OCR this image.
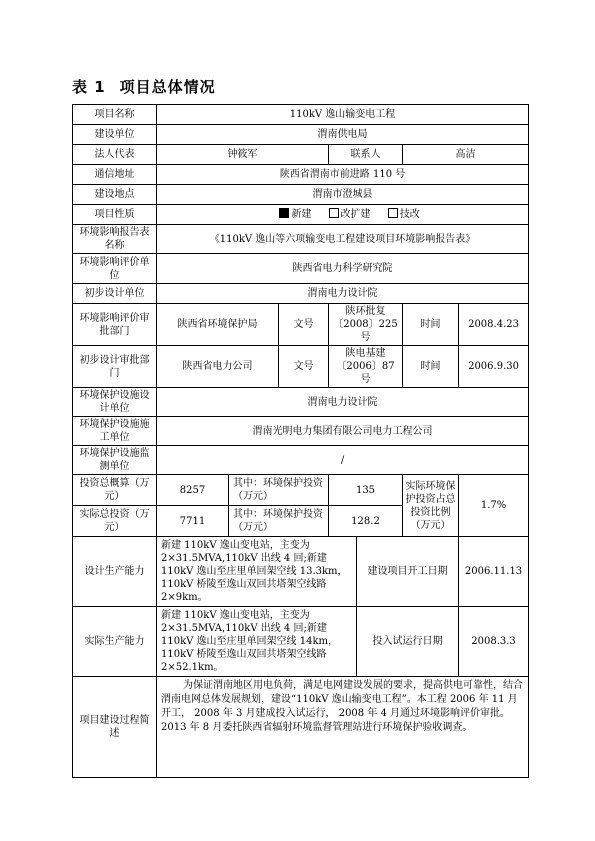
表 1 项目总体情况
项目名称	110kV 逸山输变电工程						
建设单位	渭南供电局						
法人代表	钟筱军			联系人		高洁	
通信地址	陕西省渭南市前进路 110 号						
建设地点	渭南市澄城县						
项目性质	新建 改扩建 技改						
环境影响报告表名称	《110kV 逸山等六项输变电工程建设项目环境影响报告表》						
环境影响评价单位	陕西省电力科学研究院						
初步设计单位	渭南电力设计院						
环境影响评价审批部门	陕西省环境保护局		文号	陕环批复〔2008〕225 号		时间	2008.4.23
初步设计审批部门	陕西省电力公司		文号	陕电基建〔2006〕87 号		时间	2006.9.30
环境保护设施设计单位	渭南电力设计院						
环境保护设施施工单位	渭南光明电力集团有限公司电力工程公司						
环境保护设施监测单位	/						
投资总概算（万元）	8257	其中：环境保护投资（万元）		135		实际环境保护投资占总投资比例（万元）	1.7%
实际总投资（万元）	7711	其中：环境保护投资（万元）		128.2			
设计生产能力	新建 110kV 逸山变电站，主变为 2×31.5MVA,110kV 出线 4 回;新建 110kV 逸山至庄里单回架空线 13.3km，110kV 桥陵至逸山双回共塔架空线路 2×9km。				建设项目开工日期		2006.11.13
实际生产能力	新建 110kV 逸山变电站，主变为 2×31.5MVA,110kV 出线 4 回;新建 110kV 逸山至庄里单回架空线 14km，110kV 桥陵至逸山双回共塔架空线路 2×52.1km。				投入试运行日期		2008.3.3
项目建设过程简述	为保证渭南地区用电负荷，满足电网建设发展的要求，提高供电可靠性，结合渭南电网总体发展规划，建设“110kV 逸山输变电工程”。本工程 2006 年 11 月开工， 2008 年 3 月建成投入试运行， 2008 年 4 月通过环境影响评价审批。2013 年 8 月委托陕西省辐射环境监督管理站进行环境保护验收调查。						
